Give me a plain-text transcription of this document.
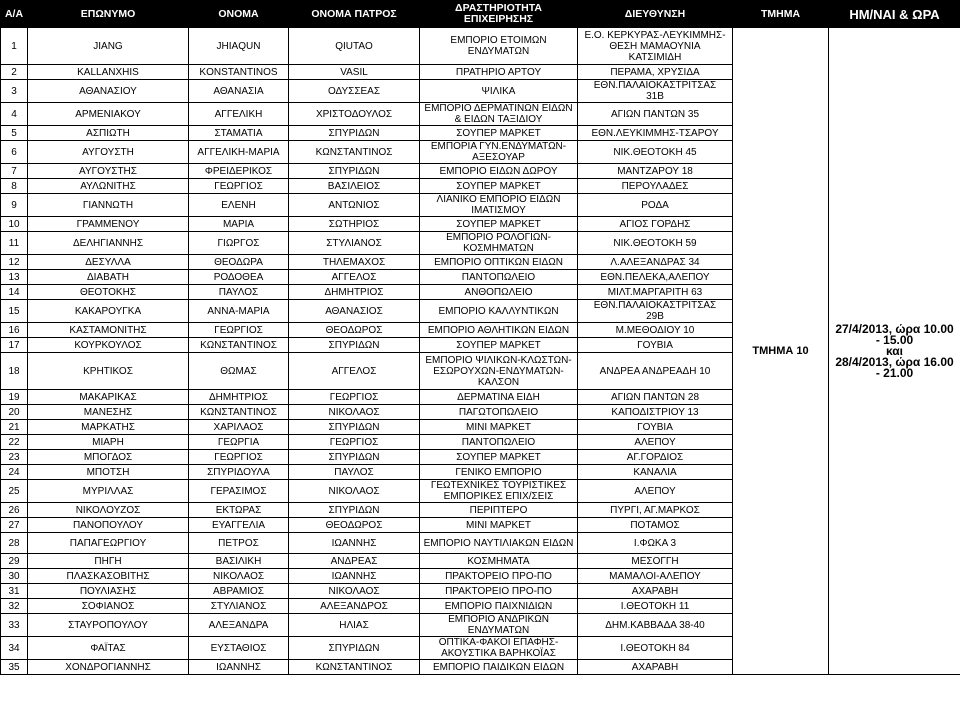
Α/Α	ΕΠΩΝΥΜΟ	ΟΝΟΜΑ	ΟΝΟΜΑ ΠΑΤΡΟΣ	ΔΡΑΣΤΗΡΙΟΤΗΤΑ
ΕΠΙΧΕΙΡΗΣΗΣ	ΔΙΕΥΘΥΝΣΗ	ΤΜΗΜΑ	ΗΜ/ΝΑΙ & ΩΡΑ
1	JIANG	JHIAQUN	QIUTAO	ΕΜΠΟΡΙΟ ΕΤΟΙΜΩΝ
ΕΝΔΥΜΑΤΩΝ	Ε.Ο. ΚΕΡΚΥΡΑΣ-ΛΕΥΚΙΜΜΗΣ-
ΘΕΣΗ ΜΑΜΑΟΥΝΙΑ
ΚΑΤΣΙΜΙΔΗ	ΤΜΗΜΑ 10	27/4/2013, ώρα 10.00
- 15.00
και
28/4/2013, ώρα 16.00
- 21.00
2	KALLANXHIS	KONSTANTINOS	VASIL	ΠΡΑΤΗΡΙΟ ΑΡΤΟΥ	ΠΕΡΑΜΑ, ΧΡΥΣΙΔΑ		
3	ΑΘΑΝΑΣΙΟΥ	ΑΘΑΝΑΣΙΑ	ΟΔΥΣΣΕΑΣ	ΨΙΛΙΚΑ	ΕΘΝ.ΠΑΛΑΙΟΚΑΣΤΡΙΤΣΑΣ
31Β		
4	ΑΡΜΕΝΙΑΚΟΥ	ΑΓΓΕΛΙΚΗ	ΧΡΙΣΤΟΔΟΥΛΟΣ	ΕΜΠΟΡΙΟ ΔΕΡΜΑΤΙΝΩΝ ΕΙΔΩΝ
& ΕΙΔΩΝ ΤΑΞΙΔΙΟΥ	ΑΓΙΩΝ ΠΑΝΤΩΝ 35		
5	ΑΣΠΙΩΤΗ	ΣΤΑΜΑΤΙΑ	ΣΠΥΡΙΔΩΝ	ΣΟΥΠΕΡ ΜΑΡΚΕΤ	ΕΘΝ.ΛΕΥΚΙΜΜΗΣ-ΤΣΑΡΟΥ		
6	ΑΥΓΟΥΣΤΗ	ΑΓΓΕΛΙΚΗ-ΜΑΡΙΑ	ΚΩΝΣΤΑΝΤΙΝΟΣ	ΕΜΠΟΡΙΑ ΓΥΝ.ΕΝΔΥΜΑΤΩΝ-
ΑΞΕΣΟΥΑΡ	ΝΙΚ.ΘΕΟΤΟΚΗ 45		
7	ΑΥΓΟΥΣΤΗΣ	ΦΡΕΙΔΕΡΙΚΟΣ	ΣΠΥΡΙΔΩΝ	ΕΜΠΟΡΙΟ ΕΙΔΩΝ ΔΩΡΟΥ	ΜΑΝΤΖΑΡΟΥ 18		
8	ΑΥΛΩΝΙΤΗΣ	ΓΕΩΡΓΙΟΣ	ΒΑΣΙΛΕΙΟΣ	ΣΟΥΠΕΡ ΜΑΡΚΕΤ	ΠΕΡΟΥΛΑΔΕΣ		
9	ΓΙΑΝΝΩΤΗ	ΕΛΕΝΗ	ΑΝΤΩΝΙΟΣ	ΛΙΑΝΙΚΟ ΕΜΠΟΡΙΟ ΕΙΔΩΝ
ΙΜΑΤΙΣΜΟΥ	ΡΟΔΑ		
10	ΓΡΑΜΜΕΝΟΥ	ΜΑΡΙΑ	ΣΩΤΗΡΙΟΣ	ΣΟΥΠΕΡ ΜΑΡΚΕΤ	ΑΓΙΟΣ ΓΟΡΔΗΣ		
11	ΔΕΛΗΓΙΑΝΝΗΣ	ΓΙΩΡΓΟΣ	ΣΤΥΛΙΑΝΟΣ	ΕΜΠΟΡΙΟ ΡΟΛΟΓΙΩΝ-
ΚΟΣΜΗΜΑΤΩΝ	ΝΙΚ.ΘΕΟΤΟΚΗ 59		
12	ΔΕΣΥΛΛΑ	ΘΕΟΔΩΡΑ	ΤΗΛΕΜΑΧΟΣ	ΕΜΠΟΡΙΟ ΟΠΤΙΚΩΝ ΕΙΔΩΝ	Λ.ΑΛΕΞΑΝΔΡΑΣ 34		
13	ΔΙΑΒΑΤΗ	ΡΟΔΟΘΕΑ	ΑΓΓΕΛΟΣ	ΠΑΝΤΟΠΩΛΕΙΟ	ΕΘΝ.ΠΕΛΕΚΑ,ΑΛΕΠΟΥ		
14	ΘΕΟΤΟΚΗΣ	ΠΑΥΛΟΣ	ΔΗΜΗΤΡΙΟΣ	ΑΝΘΟΠΩΛΕΙΟ	ΜΙΛΤ.ΜΑΡΓΑΡΙΤΗ 63		
15	ΚΑΚΑΡΟΥΓΚΑ	ΑΝΝΑ-ΜΑΡΙΑ	ΑΘΑΝΑΣΙΟΣ	ΕΜΠΟΡΙΟ ΚΑΛΛΥΝΤΙΚΩΝ	ΕΘΝ.ΠΑΛΑΙΟΚΑΣΤΡΙΤΣΑΣ
29Β		
16	ΚΑΣΤΑΜΟΝΙΤΗΣ	ΓΕΩΡΓΙΟΣ	ΘΕΟΔΩΡΟΣ	ΕΜΠΟΡΙΟ ΑΘΛΗΤΙΚΩΝ ΕΙΔΩΝ	Μ.ΜΕΘΟΔΙΟΥ 10		
17	ΚΟΥΡΚΟΥΛΟΣ	ΚΩΝΣΤΑΝΤΙΝΟΣ	ΣΠΥΡΙΔΩΝ	ΣΟΥΠΕΡ ΜΑΡΚΕΤ	ΓΟΥΒΙΑ		
18	ΚΡΗΤΙΚΟΣ	ΘΩΜΑΣ	ΑΓΓΕΛΟΣ	ΕΜΠΟΡΙΟ ΨΙΛΙΚΩΝ-ΚΛΩΣΤΩΝ-
ΕΣΩΡΟΥΧΩΝ-ΕΝΔΥΜΑΤΩΝ-
ΚΑΛΣΟΝ	ΑΝΔΡΕΑ ΑΝΔΡΕΑΔΗ 10		
19	ΜΑΚΑΡΙΚΑΣ	ΔΗΜΗΤΡΙΟΣ	ΓΕΩΡΓΙΟΣ	ΔΕΡΜΑΤΙΝΑ ΕΙΔΗ	ΑΓΙΩΝ ΠΑΝΤΩΝ 28		
20	ΜΑΝΕΣΗΣ	ΚΩΝΣΤΑΝΤΙΝΟΣ	ΝΙΚΟΛΑΟΣ	ΠΑΓΩΤΟΠΩΛΕΙΟ	ΚΑΠΟΔΙΣΤΡΙΟΥ 13		
21	ΜΑΡΚΑΤΗΣ	ΧΑΡΙΛΑΟΣ	ΣΠΥΡΙΔΩΝ	ΜΙΝΙ ΜΑΡΚΕΤ	ΓΟΥΒΙΑ		
22	ΜΙΑΡΗ	ΓΕΩΡΓΙΑ	ΓΕΩΡΓΙΟΣ	ΠΑΝΤΟΠΩΛΕΙΟ	ΑΛΕΠΟΥ		
23	ΜΠΟΓΔΟΣ	ΓΕΩΡΓΙΟΣ	ΣΠΥΡΙΔΩΝ	ΣΟΥΠΕΡ ΜΑΡΚΕΤ	ΑΓ.ΓΟΡΔΙΟΣ		
24	ΜΠΟΤΣΗ	ΣΠΥΡΙΔΟΥΛΑ	ΠΑΥΛΟΣ	ΓΕΝΙΚΟ ΕΜΠΟΡΙΟ	ΚΑΝΑΛΙΑ		
25	ΜΥΡΙΛΛΑΣ	ΓΕΡΑΣΙΜΟΣ	ΝΙΚΟΛΑΟΣ	ΓΕΩΤΕΧΝΙΚΕΣ ΤΟΥΡΙΣΤΙΚΕΣ
ΕΜΠΟΡΙΚΕΣ ΕΠΙΧ/ΣΕΙΣ	ΑΛΕΠΟΥ		
26	ΝΙΚΟΛΟΥΖΟΣ	ΕΚΤΩΡΑΣ	ΣΠΥΡΙΔΩΝ	ΠΕΡΙΠΤΕΡΟ	ΠΥΡΓΙ, ΑΓ.ΜΑΡΚΟΣ		
27	ΠΑΝΟΠΟΥΛΟΥ	ΕΥΑΓΓΕΛΙΑ	ΘΕΟΔΩΡΟΣ	ΜΙΝΙ ΜΑΡΚΕΤ	ΠΟΤΑΜΟΣ		
28	ΠΑΠΑΓΕΩΡΓΙΟΥ	ΠΕΤΡΟΣ	ΙΩΑΝΝΗΣ	ΕΜΠΟΡΙΟ ΝΑΥΤΙΛΙΑΚΩΝ ΕΙΔΩΝ	Ι.ΦΩΚΑ 3		
29	ΠΗΓΗ	ΒΑΣΙΛΙΚΗ	ΑΝΔΡΕΑΣ	ΚΟΣΜΗΜΑΤΑ	ΜΕΣΟΓΓΗ		
30	ΠΛΑΣΚΑΣΟΒΙΤΗΣ	ΝΙΚΟΛΑΟΣ	ΙΩΑΝΝΗΣ	ΠΡΑΚΤΟΡΕΙΟ ΠΡΟ-ΠΟ	ΜΑΜΑΛΟΙ-ΑΛΕΠΟΥ		
31	ΠΟΥΛΙΑΣΗΣ	ΑΒΡΑΜΙΟΣ	ΝΙΚΟΛΑΟΣ	ΠΡΑΚΤΟΡΕΙΟ ΠΡΟ-ΠΟ	ΑΧΑΡΑΒΗ		
32	ΣΟΦΙΑΝΟΣ	ΣΤΥΛΙΑΝΟΣ	ΑΛΕΞΑΝΔΡΟΣ	ΕΜΠΟΡΙΟ ΠΑΙΧΝΙΔΙΩΝ	Ι.ΘΕΟΤΟΚΗ 11		
33	ΣΤΑΥΡΟΠΟΥΛΟΥ	ΑΛΕΞΑΝΔΡΑ	ΗΛΙΑΣ	ΕΜΠΟΡΙΟ ΑΝΔΡΙΚΩΝ
ΕΝΔΥΜΑΤΩΝ	ΔΗΜ.ΚΑΒΒΑΔΑ 38-40		
34	ΦΑΪΤΑΣ	ΕΥΣΤΑΘΙΟΣ	ΣΠΥΡΙΔΩΝ	ΟΠΤΙΚΑ-ΦΑΚΟΙ ΕΠΑΦΗΣ-
ΑΚΟΥΣΤΙΚΑ ΒΑΡΗΚΟΪΑΣ	Ι.ΘΕΟΤΟΚΗ 84		
35	ΧΟΝΔΡΟΓΙΑΝΝΗΣ	ΙΩΑΝΝΗΣ	ΚΩΝΣΤΑΝΤΙΝΟΣ	ΕΜΠΟΡΙΟ ΠΑΙΔΙΚΩΝ ΕΙΔΩΝ	ΑΧΑΡΑΒΗ		
